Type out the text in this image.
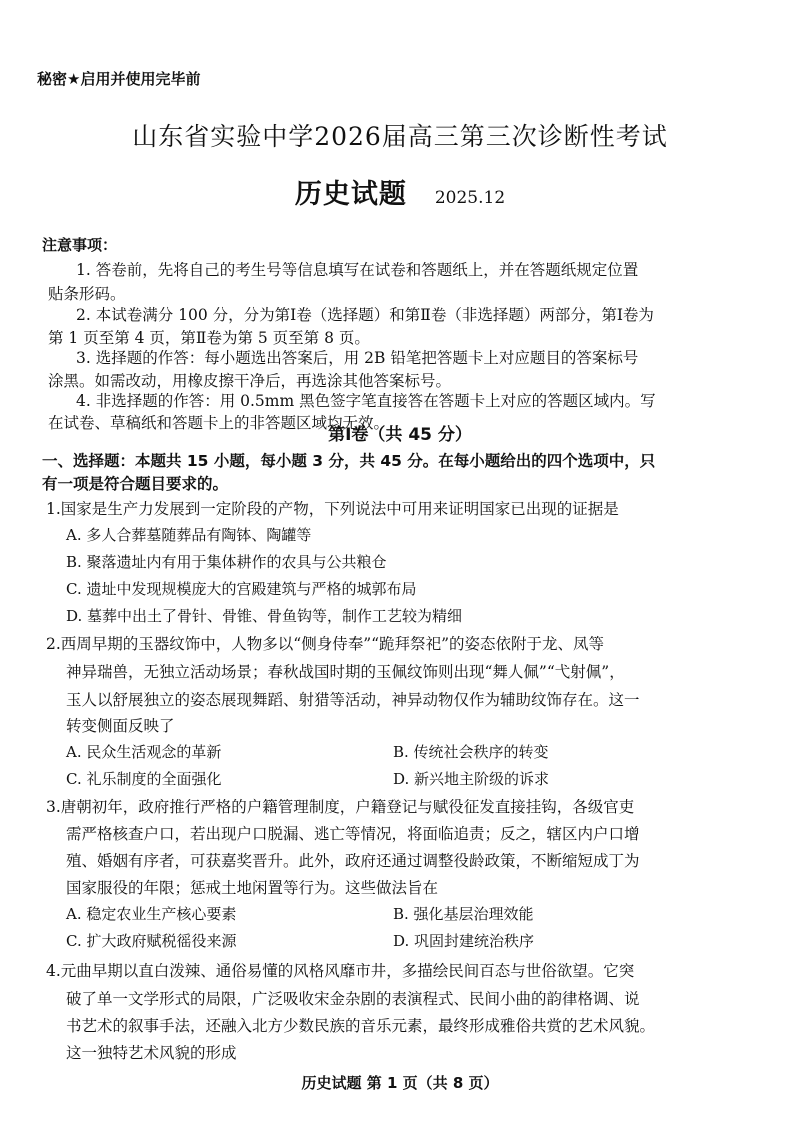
秘密★启用并使用完毕前
山东省实验中学2026届高三第三次诊断性考试
历史试题 2025.12
注意事项：
1. 答卷前，先将自己的考生号等信息填写在试卷和答题纸上，并在答题纸规定位置
贴条形码。
2. 本试卷满分 100 分，分为第Ⅰ卷（选择题）和第Ⅱ卷（非选择题）两部分，第Ⅰ卷为
第 1 页至第 4 页，第Ⅱ卷为第 5 页至第 8 页。
3. 选择题的作答：每小题选出答案后，用 2B 铅笔把答题卡上对应题目的答案标号
涂黑。如需改动，用橡皮擦干净后，再选涂其他答案标号。
4. 非选择题的作答：用 0.5mm 黑色签字笔直接答在答题卡上对应的答题区域内。写
在试卷、草稿纸和答题卡上的非答题区域均无效。
第Ⅰ卷（共 45 分）
一、选择题：本题共 15 小题，每小题 3 分，共 45 分。在每小题给出的四个选项中，只
有一项是符合题目要求的。
1.国家是生产力发展到一定阶段的产物，下列说法中可用来证明国家已出现的证据是
A. 多人合葬墓随葬品有陶钵、陶罐等
B. 聚落遗址内有用于集体耕作的农具与公共粮仓
C. 遗址中发现规模庞大的宫殿建筑与严格的城郭布局
D. 墓葬中出土了骨针、骨锥、骨鱼钩等，制作工艺较为精细
2.西周早期的玉器纹饰中，人物多以“侧身侍奉”“跪拜祭祀”的姿态依附于龙、凤等
神异瑞兽，无独立活动场景；春秋战国时期的玉佩纹饰则出现“舞人佩”“弋射佩”，
玉人以舒展独立的姿态展现舞蹈、射猎等活动，神异动物仅作为辅助纹饰存在。这一
转变侧面反映了
A. 民众生活观念的革新	B. 传统社会秩序的转变
C. 礼乐制度的全面强化	D. 新兴地主阶级的诉求
3.唐朝初年，政府推行严格的户籍管理制度，户籍登记与赋役征发直接挂钩，各级官吏
需严格核查户口，若出现户口脱漏、逃亡等情况，将面临追责；反之，辖区内户口增
殖、婚姻有序者，可获嘉奖晋升。此外，政府还通过调整役龄政策，不断缩短成丁为
国家服役的年限；惩戒土地闲置等行为。这些做法旨在
A. 稳定农业生产核心要素	B. 强化基层治理效能
C. 扩大政府赋税徭役来源	D. 巩固封建统治秩序
4.元曲早期以直白泼辣、通俗易懂的风格风靡市井，多描绘民间百态与世俗欲望。它突
破了单一文学形式的局限，广泛吸收宋金杂剧的表演程式、民间小曲的韵律格调、说
书艺术的叙事手法，还融入北方少数民族的音乐元素，最终形成雅俗共赏的艺术风貌。
这一独特艺术风貌的形成
历史试题 第 1 页（共 8 页）
